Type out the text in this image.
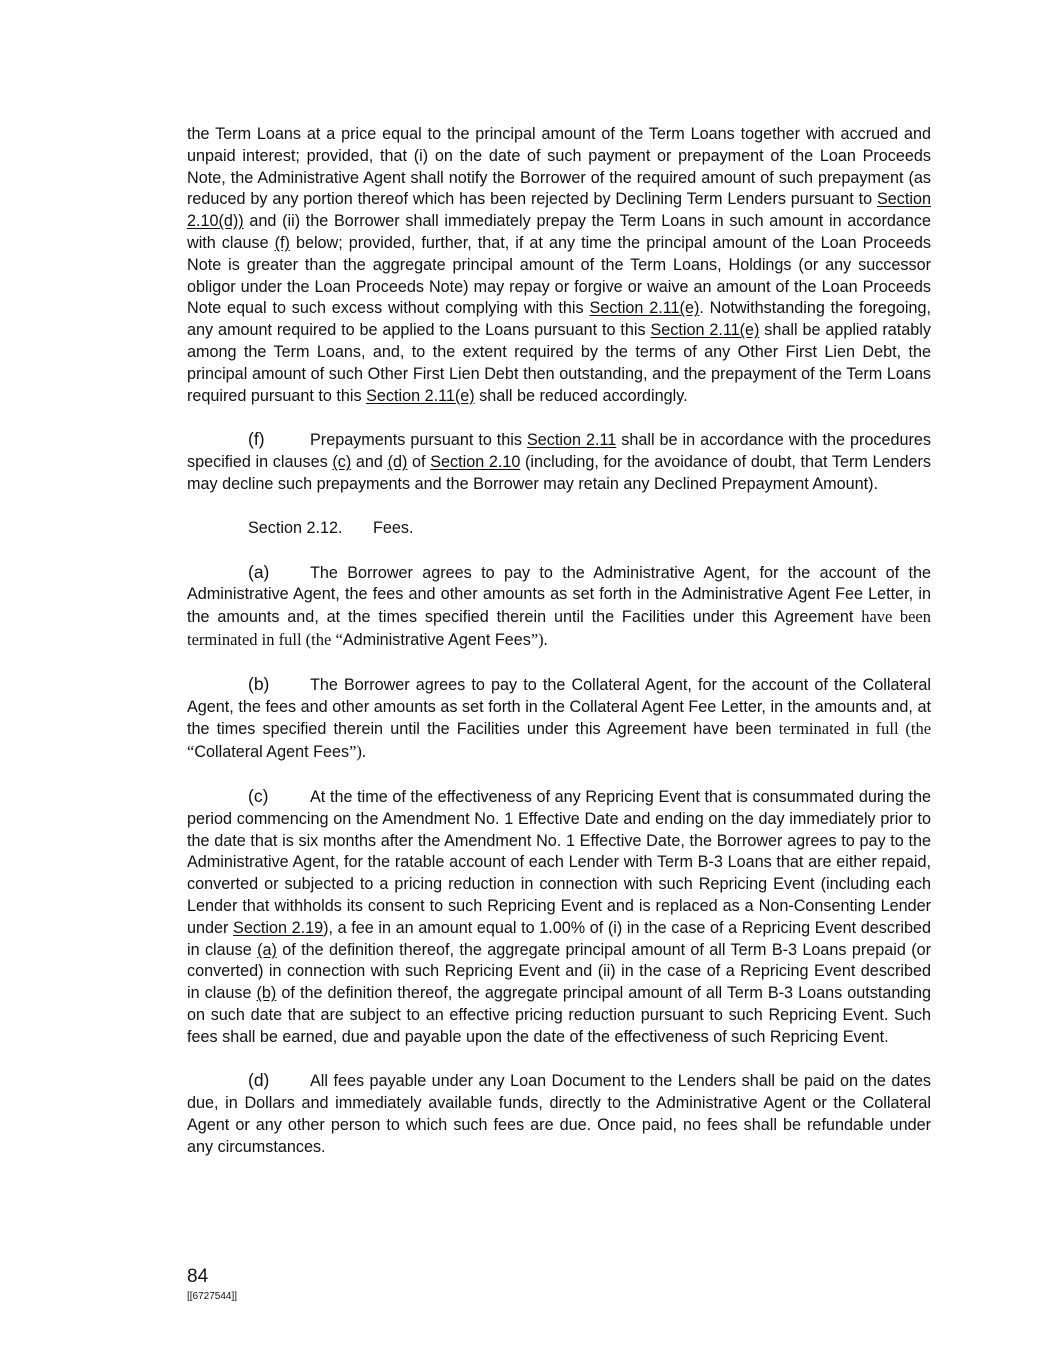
the Term Loans at a price equal to the principal amount of the Term Loans together with accrued and unpaid interest; provided, that (i) on the date of such payment or prepayment of the Loan Proceeds Note, the Administrative Agent shall notify the Borrower of the required amount of such prepayment (as reduced by any portion thereof which has been rejected by Declining Term Lenders pursuant to Section 2.10(d)) and (ii) the Borrower shall immediately prepay the Term Loans in such amount in accordance with clause (f) below; provided, further, that, if at any time the principal amount of the Loan Proceeds Note is greater than the aggregate principal amount of the Term Loans, Holdings (or any successor obligor under the Loan Proceeds Note) may repay or forgive or waive an amount of the Loan Proceeds Note equal to such excess without complying with this Section 2.11(e). Notwithstanding the foregoing, any amount required to be applied to the Loans pursuant to this Section 2.11(e) shall be applied ratably among the Term Loans, and, to the extent required by the terms of any Other First Lien Debt, the principal amount of such Other First Lien Debt then outstanding, and the prepayment of the Term Loans required pursuant to this Section 2.11(e) shall be reduced accordingly.

(f)	Prepayments pursuant to this Section 2.11 shall be in accordance with the procedures specified in clauses (c) and (d) of Section 2.10 (including, for the avoidance of doubt, that Term Lenders may decline such prepayments and the Borrower may retain any Declined Prepayment Amount).

Section 2.12. Fees.

(a)	The Borrower agrees to pay to the Administrative Agent, for the account of the Administrative Agent, the fees and other amounts as set forth in the Administrative Agent Fee Letter, in the amounts and, at the times specified therein until the Facilities under this Agreement have been terminated in full (the “Administrative Agent Fees”).

(b)	The Borrower agrees to pay to the Collateral Agent, for the account of the Collateral Agent, the fees and other amounts as set forth in the Collateral Agent Fee Letter, in the amounts and, at the times specified therein until the Facilities under this Agreement have been terminated in full (the “Collateral Agent Fees”).

(c)	At the time of the effectiveness of any Repricing Event that is consummated during the period commencing on the Amendment No. 1 Effective Date and ending on the day immediately prior to the date that is six months after the Amendment No. 1 Effective Date, the Borrower agrees to pay to the Administrative Agent, for the ratable account of each Lender with Term B-3 Loans that are either repaid, converted or subjected to a pricing reduction in connection with such Repricing Event (including each Lender that withholds its consent to such Repricing Event and is replaced as a Non-Consenting Lender under Section 2.19), a fee in an amount equal to 1.00% of (i) in the case of a Repricing Event described in clause (a) of the definition thereof, the aggregate principal amount of all Term B-3 Loans prepaid (or converted) in connection with such Repricing Event and (ii) in the case of a Repricing Event described in clause (b) of the definition thereof, the aggregate principal amount of all Term B-3 Loans outstanding on such date that are subject to an effective pricing reduction pursuant to such Repricing Event. Such fees shall be earned, due and payable upon the date of the effectiveness of such Repricing Event.

(d)	All fees payable under any Loan Document to the Lenders shall be paid on the dates due, in Dollars and immediately available funds, directly to the Administrative Agent or the Collateral Agent or any other person to which such fees are due. Once paid, no fees shall be refundable under any circumstances.

84
[[6727544]]
